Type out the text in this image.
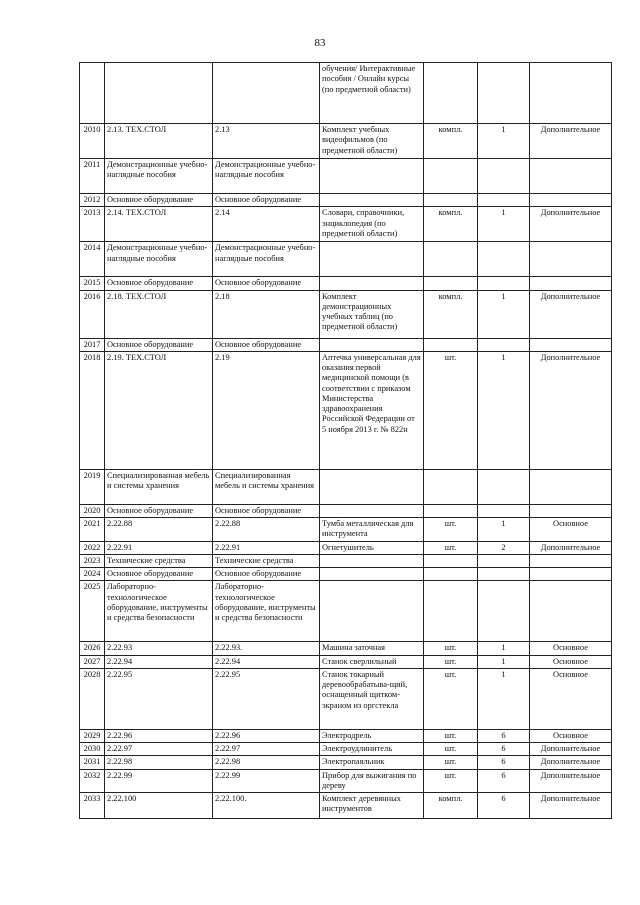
83
			обучения/ Интерактивные пособия / Онлайн курсы (по предметной области)			
2010	2.13. ТЕХ.СТОЛ	2.13	Комплект учебных видеофильмов (по предметной области)	компл.	1	Дополнительное
2011	Демонстрационные учебно-наглядные пособия	Демонстрационные учебно-наглядные пособия				
2012	Основное оборудование	Основное оборудование				
2013	2.14. ТЕХ.СТОЛ	2.14	Словари, справочники, энциклопедия (по предметной области)	компл.	1	Дополнительное
2014	Демонстрационные учебно-наглядные пособия	Демонстрационные учебно-наглядные пособия				
2015	Основное оборудование	Основное оборудование				
2016	2.18. ТЕХ.СТОЛ	2.18	Комплект демонстрационных учебных таблиц (по предметной области)	компл.	1	Дополнительное
2017	Основное оборудование	Основное оборудование				
2018	2.19. ТЕХ.СТОЛ	2.19	Аптечка универсальная для оказания первой медицинской помощи (в соответствии с приказом Министерства здравоохранения Российской Федерации от 5 ноября 2013 г. № 822н	шт.	1	Дополнительное
2019	Специализированная мебель и системы хранения	Специализированная мебель и системы хранения				
2020	Основное оборудование	Основное оборудование				
2021	2.22.88	2.22.88	Тумба металлическая для инструмента	шт.	1	Основное
2022	2.22.91	2.22.91	Огнетушитель	шт.	2	Дополнительное
2023	Технические средства	Технические средства				
2024	Основное оборудование	Основное оборудование				
2025	Лабораторно-технологическое оборудование, инструменты и средства безопасности	Лабораторно-технологическое оборудование, инструменты и средства безопасности				
2026	2.22.93	2.22.93.	Машина заточная	шт.	1	Основное
2027	2.22.94	2.22.94	Станок сверлильный	шт.	1	Основное
2028	2.22.95	2.22.95	Станок токарный деревообрабатыва-щий, оснащенный щитком-экраном из оргстекла	шт.	1	Основное
2029	2.22.96	2.22.96	Электродрель	шт.	6	Основное
2030	2.22.97	2.22.97	Электроудлинитель	шт.	6	Дополнительное
2031	2.22.98	2.22.98	Электропаяльник	шт.	6	Дополнительное
2032	2.22.99	2.22.99	Прибор для выжигания по дереву	шт.	6	Дополнительное
2033	2.22.100	2.22.100.	Комплект деревянных инструментов	компл.	6	Дополнительное
